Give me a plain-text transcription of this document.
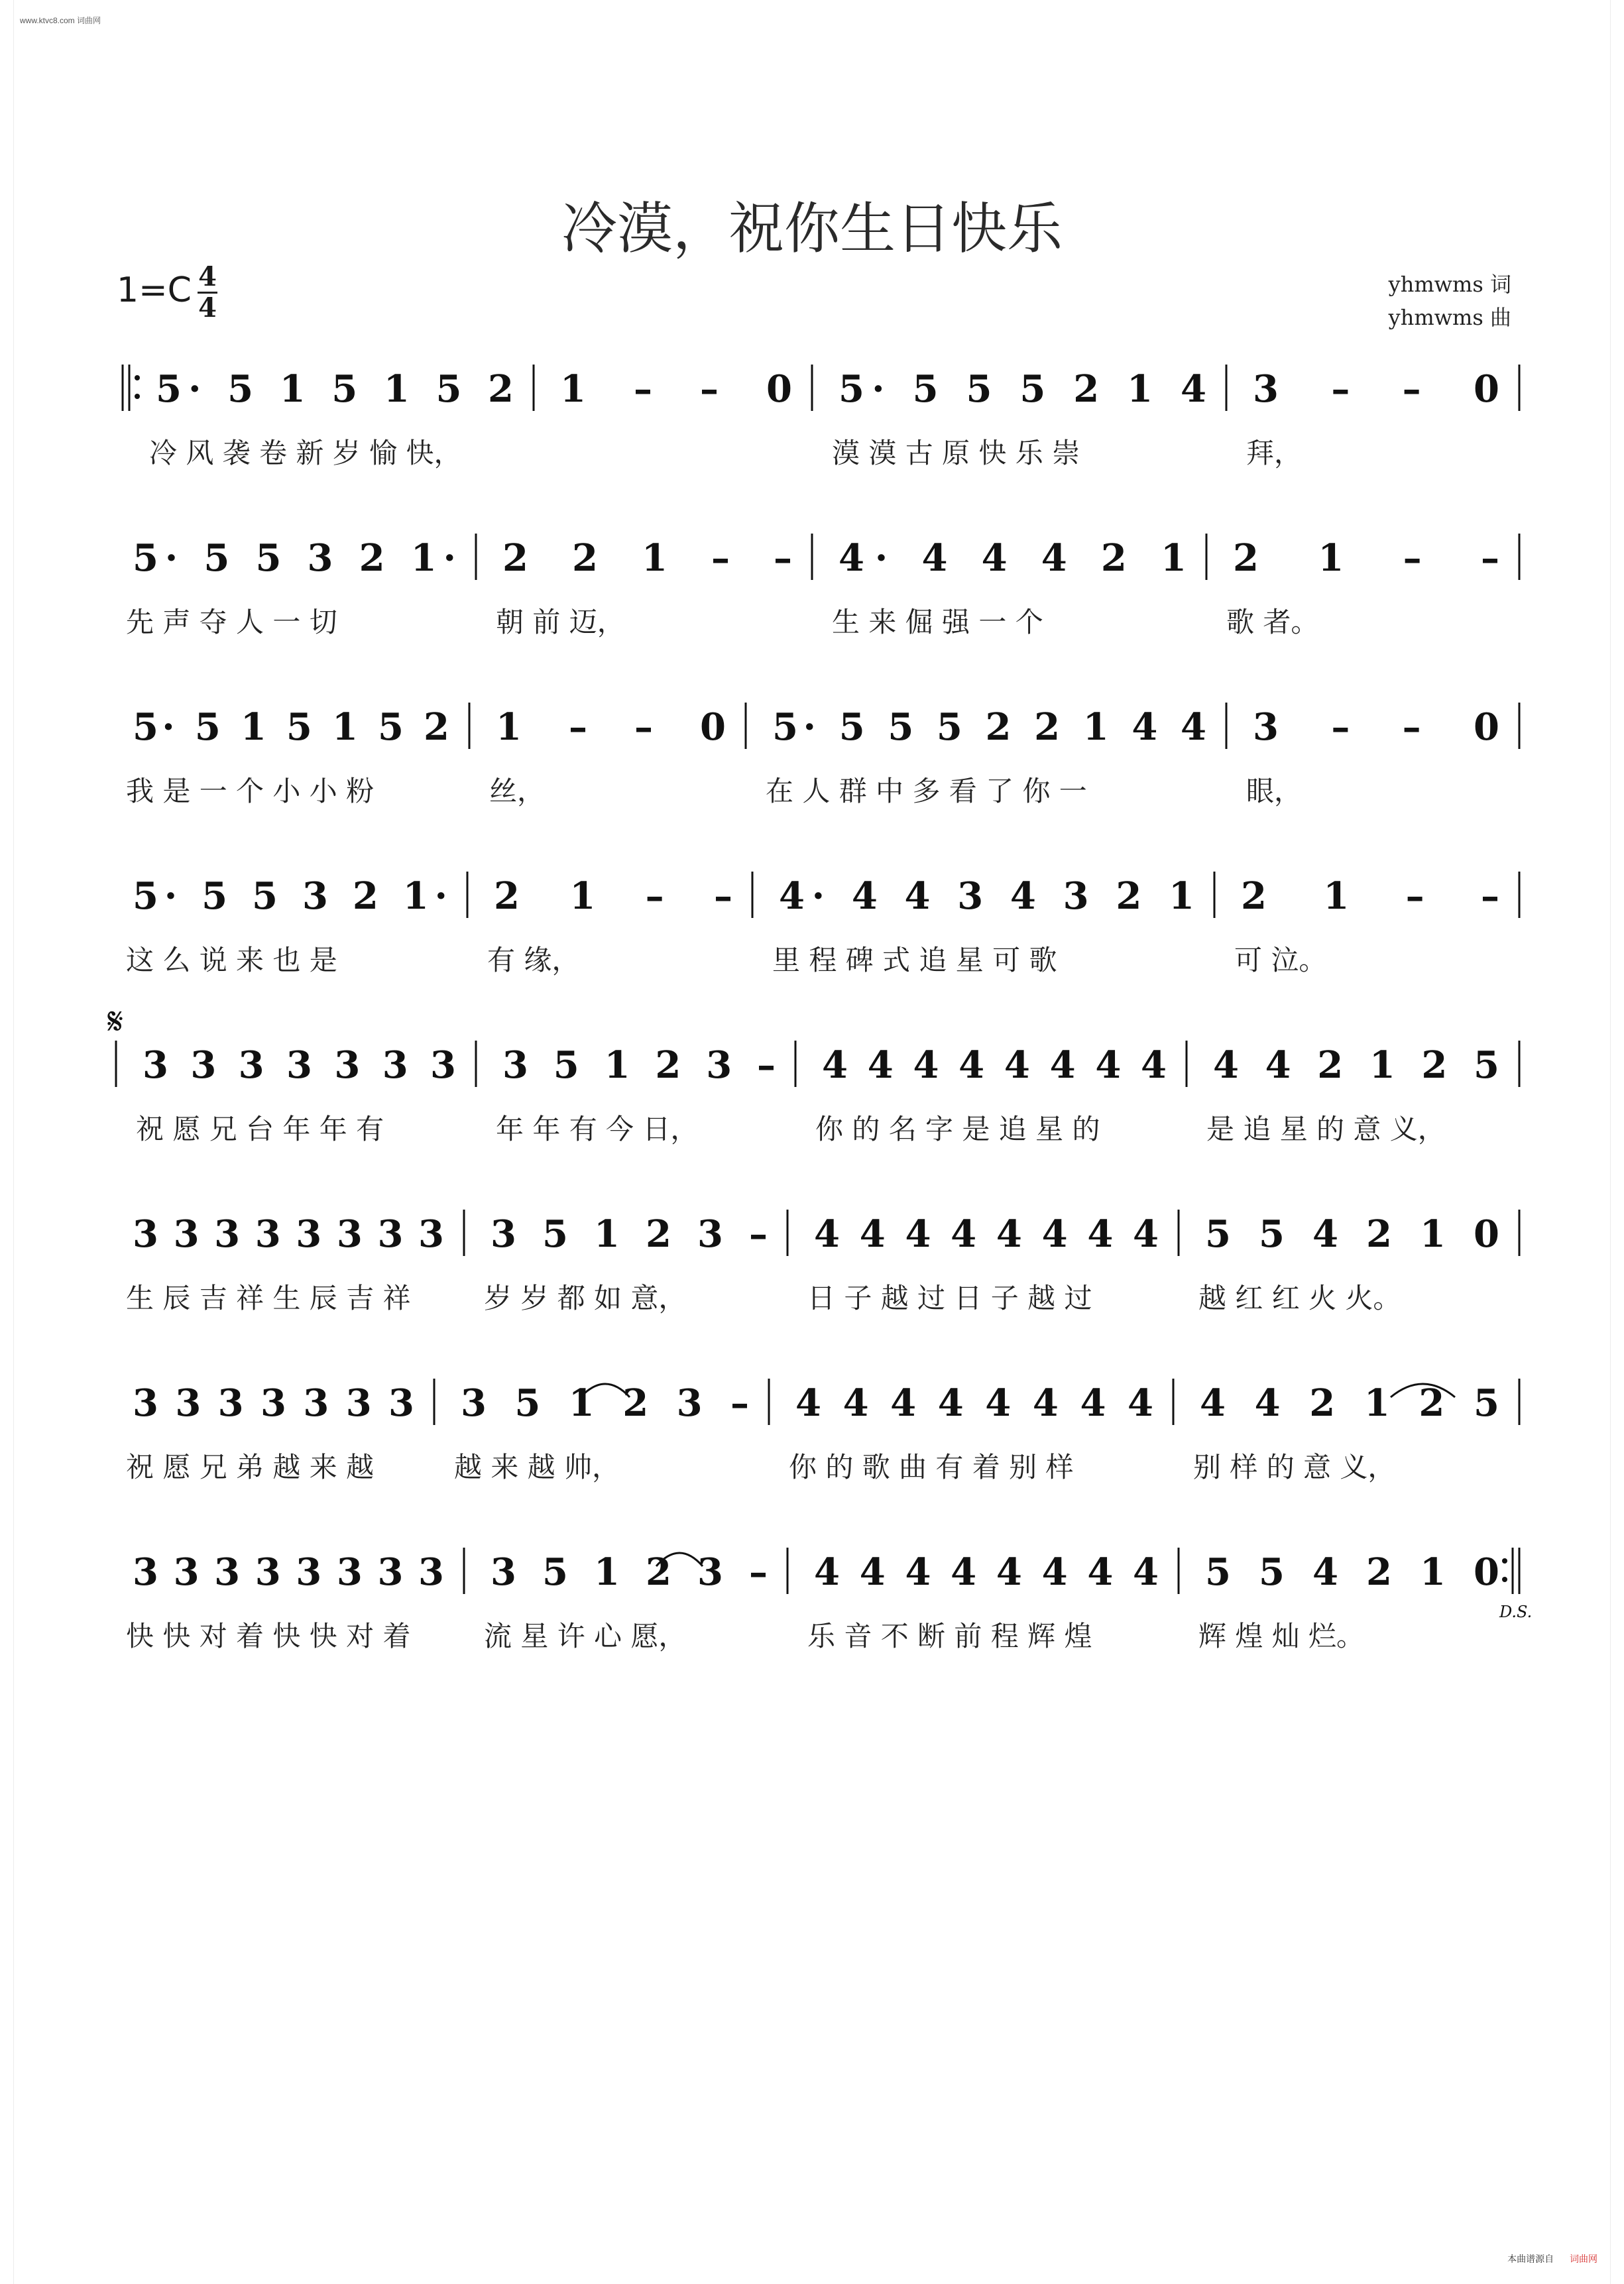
www.ktvc8.com 词曲网
冷漠，祝你生日快乐
1=C 4
4
yhmwms 词
yhmwms 曲
5· 5 1 5 1 5 2
冷 风 袭 卷 新 岁 愉 快，
1 – – 0 5· 5 5 5 2 1 4
漠 漠 古 原 快 乐 崇
3 – – 0
拜，
5· 5 5 3 2 1·
先 声 夺 人 一 切
2 2 1 – –
朝 前 迈，
4· 4 4 4 2 1
生 来 倔 强 一 个
2 1 – –
歌 者。
5· 5 1 5 1 5 2
我 是 一 个 小 小 粉
1 – – 0
丝，
5· 5 5 5 2 2 1 4 4
在 人 群 中 多 看 了 你 一
3 – – 0
眼，
5· 5 5 3 2 1·
这 么 说 来 也 是
2 1 – –
有 缘，
4· 4 4 3 4 3 2 1
里 程 碑 式 追 星 可 歌
2 1 – –
可 泣。
3 3 3 3 3 3 3
祝 愿 兄 台 年 年 有
3 5 1 2 3 –
年 年 有 今 日，
4 4 4 4 4 4 4 4
你 的 名 字 是 追 星 的
4 4 2 1 2 5
是 追 星 的 意 义，
3 3 3 3 3 3 3 3
生 辰 吉 祥 生 辰 吉 祥
3 5 1 2 3 –
岁 岁 都 如 意，
4 4 4 4 4 4 4 4
日 子 越 过 日 子 越 过
5 5 4 2 1 0
越 红 红 火 火。
3 3 3 3 3 3 3
祝 愿 兄 弟 越 来 越
3 5 1 2 3 –
越 来 越 帅，
4 4 4 4 4 4 4 4
你 的 歌 曲 有 着 别 样
4 4 2 1 2 5
别 样 的 意 义，
3 3 3 3 3 3 3 3
快 快 对 着 快 快 对 着
3 5 1 2 3 –
流 星 许 心 愿，
4 4 4 4 4 4 4 4
乐 音 不 断 前 程 辉 煌
5 5 4 2 1 0
辉 煌 灿 烂。
𝄋
D.S.
本曲谱源自 词曲网
